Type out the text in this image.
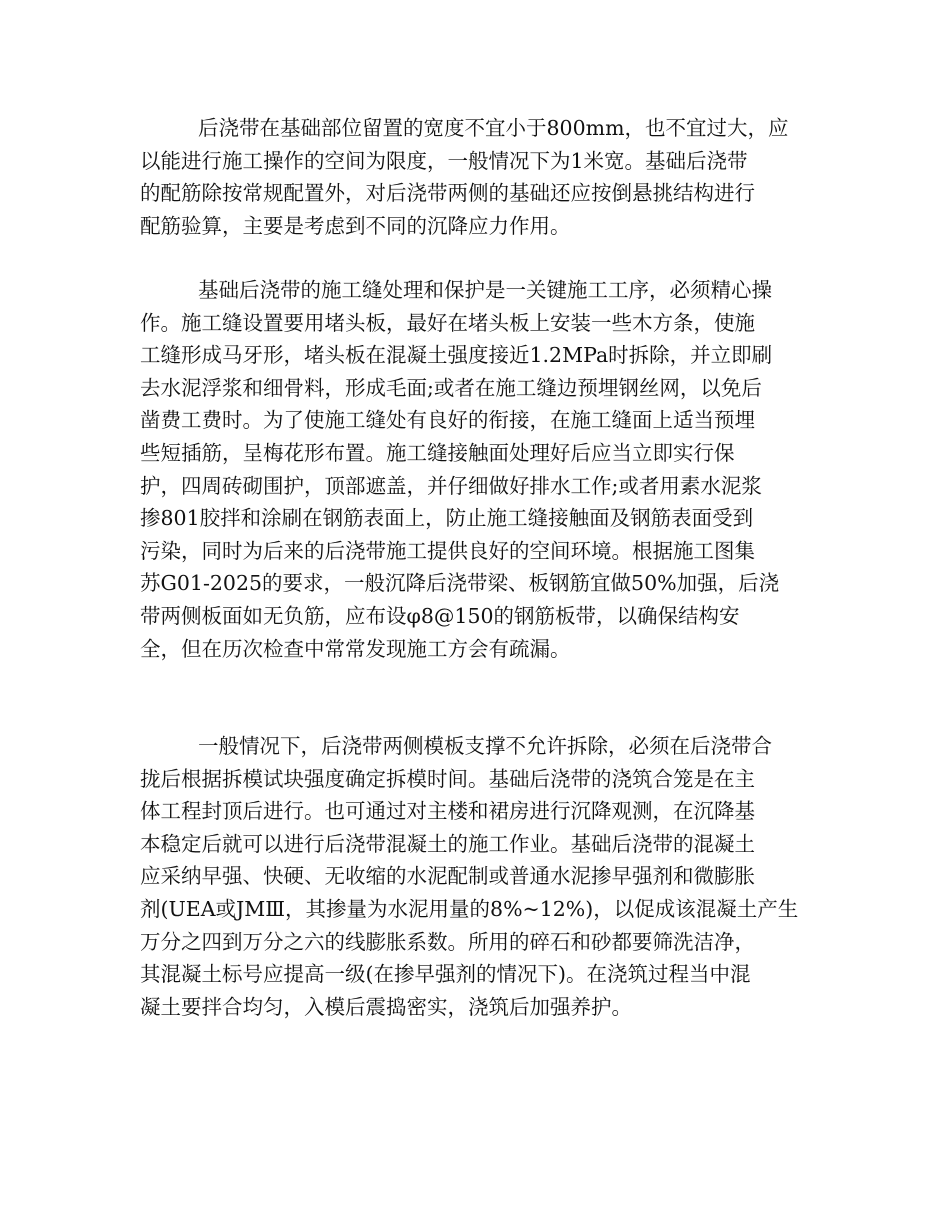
后浇带在基础部位留置的宽度不宜小于800mm，也不宜过大，应
以能进行施工操作的空间为限度，一般情况下为1米宽。基础后浇带
的配筋除按常规配置外，对后浇带两侧的基础还应按倒悬挑结构进行
配筋验算，主要是考虑到不同的沉降应力作用。
基础后浇带的施工缝处理和保护是一关键施工工序，必须精心操
作。施工缝设置要用堵头板，最好在堵头板上安装一些木方条，使施
工缝形成马牙形，堵头板在混凝土强度接近1.2MPa时拆除，并立即刷
去水泥浮浆和细骨料，形成毛面;或者在施工缝边预埋钢丝网，以免后
凿费工费时。为了使施工缝处有良好的衔接，在施工缝面上适当预埋
些短插筋，呈梅花形布置。施工缝接触面处理好后应当立即实行保
护，四周砖砌围护，顶部遮盖，并仔细做好排水工作;或者用素水泥浆
掺801胶拌和涂刷在钢筋表面上，防止施工缝接触面及钢筋表面受到
污染，同时为后来的后浇带施工提供良好的空间环境。根据施工图集
苏G01-2025的要求，一般沉降后浇带梁、板钢筋宜做50%加强，后浇
带两侧板面如无负筋，应布设φ8@150的钢筋板带，以确保结构安
全，但在历次检查中常常发现施工方会有疏漏。
一般情况下，后浇带两侧模板支撑不允许拆除，必须在后浇带合
拢后根据拆模试块强度确定拆模时间。基础后浇带的浇筑合笼是在主
体工程封顶后进行。也可通过对主楼和裙房进行沉降观测，在沉降基
本稳定后就可以进行后浇带混凝土的施工作业。基础后浇带的混凝土
应采纳早强、快硬、无收缩的水泥配制或普通水泥掺早强剂和微膨胀
剂(UEA或JMⅢ，其掺量为水泥用量的8%~12%)，以促成该混凝土产生
万分之四到万分之六的线膨胀系数。所用的碎石和砂都要筛洗洁净，
其混凝土标号应提高一级(在掺早强剂的情况下)。在浇筑过程当中混
凝土要拌合均匀，入模后震捣密实，浇筑后加强养护。
